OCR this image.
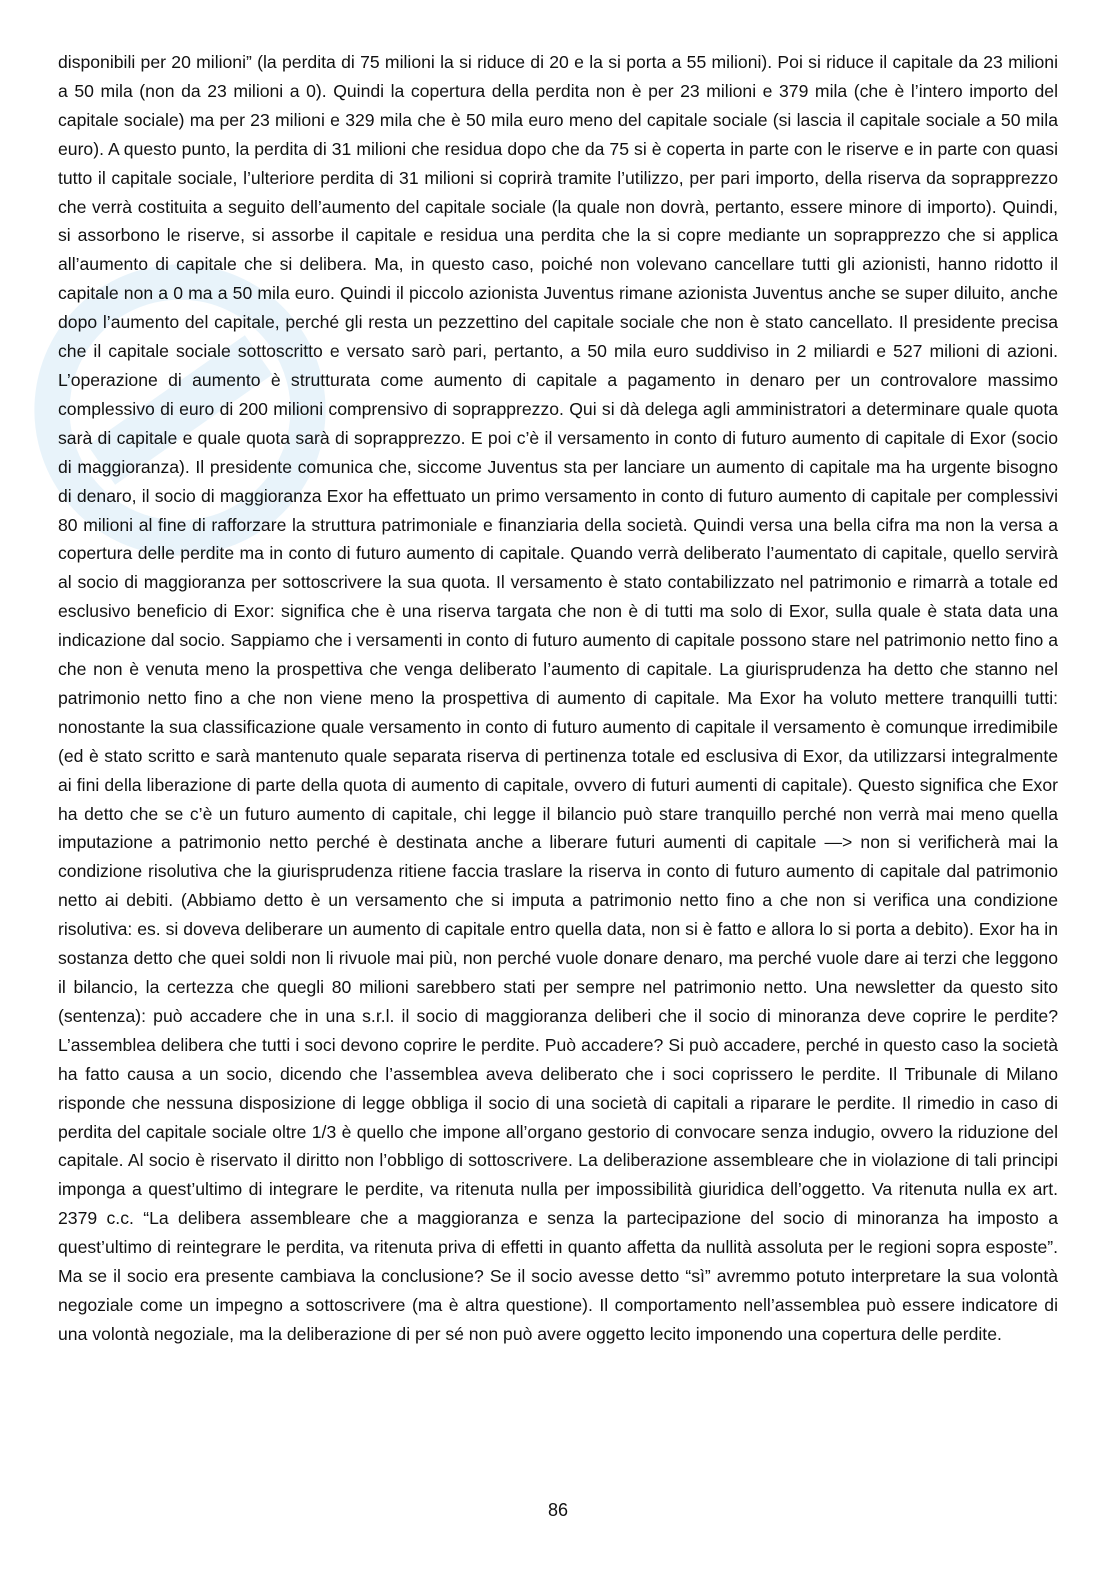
disponibili per 20 milioni” (la perdita di 75 milioni la si riduce di 20 e la si porta a 55 milioni). Poi si riduce il capitale da 23 milioni a 50 mila (non da 23 milioni a 0). Quindi la copertura della perdita non è per 23 milioni e 379 mila (che è l’intero importo del capitale sociale) ma per 23 milioni e 329 mila che è 50 mila euro meno del capitale sociale (si lascia il capitale sociale a 50 mila euro). A questo punto, la perdita di 31 milioni che residua dopo che da 75 si è coperta in parte con le riserve e in parte con quasi tutto il capitale sociale, l’ulteriore perdita di 31 milioni si coprirà tramite l’utilizzo, per pari importo, della riserva da soprapprezzo che verrà costituita a seguito dell’aumento del capitale sociale (la quale non dovrà, pertanto, essere minore di importo). Quindi, si assorbono le riserve, si assorbe il capitale e residua una perdita che la si copre mediante un soprapprezzo che si applica all’aumento di capitale che si delibera. Ma, in questo caso, poiché non volevano cancellare tutti gli azionisti, hanno ridotto il capitale non a 0 ma a 50 mila euro. Quindi il piccolo azionista Juventus rimane azionista Juventus anche se super diluito, anche dopo l’aumento del capitale, perché gli resta un pezzettino del capitale sociale che non è stato cancellato. Il presidente precisa che il capitale sociale sottoscritto e versato sarò pari, pertanto, a 50 mila euro suddiviso in 2 miliardi e 527 milioni di azioni. L’operazione di aumento è strutturata come aumento di capitale a pagamento in denaro per un controvalore massimo complessivo di euro di 200 milioni comprensivo di soprapprezzo. Qui si dà delega agli amministratori a determinare quale quota sarà di capitale e quale quota sarà di soprapprezzo. E poi c’è il versamento in conto di futuro aumento di capitale di Exor (socio di maggioranza). Il presidente comunica che, siccome Juventus sta per lanciare un aumento di capitale ma ha urgente bisogno di denaro, il socio di maggioranza Exor ha effettuato un primo versamento in conto di futuro aumento di capitale per complessivi 80 milioni al fine di rafforzare la struttura patrimoniale e finanziaria della società. Quindi versa una bella cifra ma non la versa a copertura delle perdite ma in conto di futuro aumento di capitale. Quando verrà deliberato l’aumentato di capitale, quello servirà al socio di maggioranza per sottoscrivere la sua quota. Il versamento è stato contabilizzato nel patrimonio e rimarrà a totale ed esclusivo beneficio di Exor: significa che è una riserva targata che non è di tutti ma solo di Exor, sulla quale è stata data una indicazione dal socio. Sappiamo che i versamenti in conto di futuro aumento di capitale possono stare nel patrimonio netto fino a che non è venuta meno la prospettiva che venga deliberato l’aumento di capitale. La giurisprudenza ha detto che stanno nel patrimonio netto fino a che non viene meno la prospettiva di aumento di capitale. Ma Exor ha voluto mettere tranquilli tutti: nonostante la sua classificazione quale versamento in conto di futuro aumento di capitale il versamento è comunque irredimibile (ed è stato scritto e sarà mantenuto quale separata riserva di pertinenza totale ed esclusiva di Exor, da utilizzarsi integralmente ai fini della liberazione di parte della quota di aumento di capitale, ovvero di futuri aumenti di capitale). Questo significa che Exor ha detto che se c’è un futuro aumento di capitale, chi legge il bilancio può stare tranquillo perché non verrà mai meno quella imputazione a patrimonio netto perché è destinata anche a liberare futuri aumenti di capitale —> non si verificherà mai la condizione risolutiva che la giurisprudenza ritiene faccia traslare la riserva in conto di futuro aumento di capitale dal patrimonio netto ai debiti. (Abbiamo detto è un versamento che si imputa a patrimonio netto fino a che non si verifica una condizione risolutiva: es. si doveva deliberare un aumento di capitale entro quella data, non si è fatto e allora lo si porta a debito). Exor ha in sostanza detto che quei soldi non li rivuole mai più, non perché vuole donare denaro, ma perché vuole dare ai terzi che leggono il bilancio, la certezza che quegli 80 milioni sarebbero stati per sempre nel patrimonio netto. Una newsletter da questo sito (sentenza): può accadere che in una s.r.l. il socio di maggioranza deliberi che il socio di minoranza deve coprire le perdite? L’assemblea delibera che tutti i soci devono coprire le perdite. Può accadere? Si può accadere, perché in questo caso la società ha fatto causa a un socio, dicendo che l’assemblea aveva deliberato che i soci coprissero le perdite. Il Tribunale di Milano risponde che nessuna disposizione di legge obbliga il socio di una società di capitali a riparare le perdite. Il rimedio in caso di perdita del capitale sociale oltre 1/3 è quello che impone all’organo gestorio di convocare senza indugio, ovvero la riduzione del capitale. Al socio è riservato il diritto non l’obbligo di sottoscrivere. La deliberazione assembleare che in violazione di tali principi imponga a quest’ultimo di integrare le perdite, va ritenuta nulla per impossibilità giuridica dell’oggetto. Va ritenuta nulla ex art. 2379 c.c. “La delibera assembleare che a maggioranza e senza la partecipazione del socio di minoranza ha imposto a quest’ultimo di reintegrare le perdita, va ritenuta priva di effetti in quanto affetta da nullità assoluta per le regioni sopra esposte”. Ma se il socio era presente cambiava la conclusione? Se il socio avesse detto “sì” avremmo potuto interpretare la sua volontà negoziale come un impegno a sottoscrivere (ma è altra questione). Il comportamento nell’assemblea può essere indicatore di una volontà negoziale, ma la deliberazione di per sé non può avere oggetto lecito imponendo una copertura delle perdite.

86
